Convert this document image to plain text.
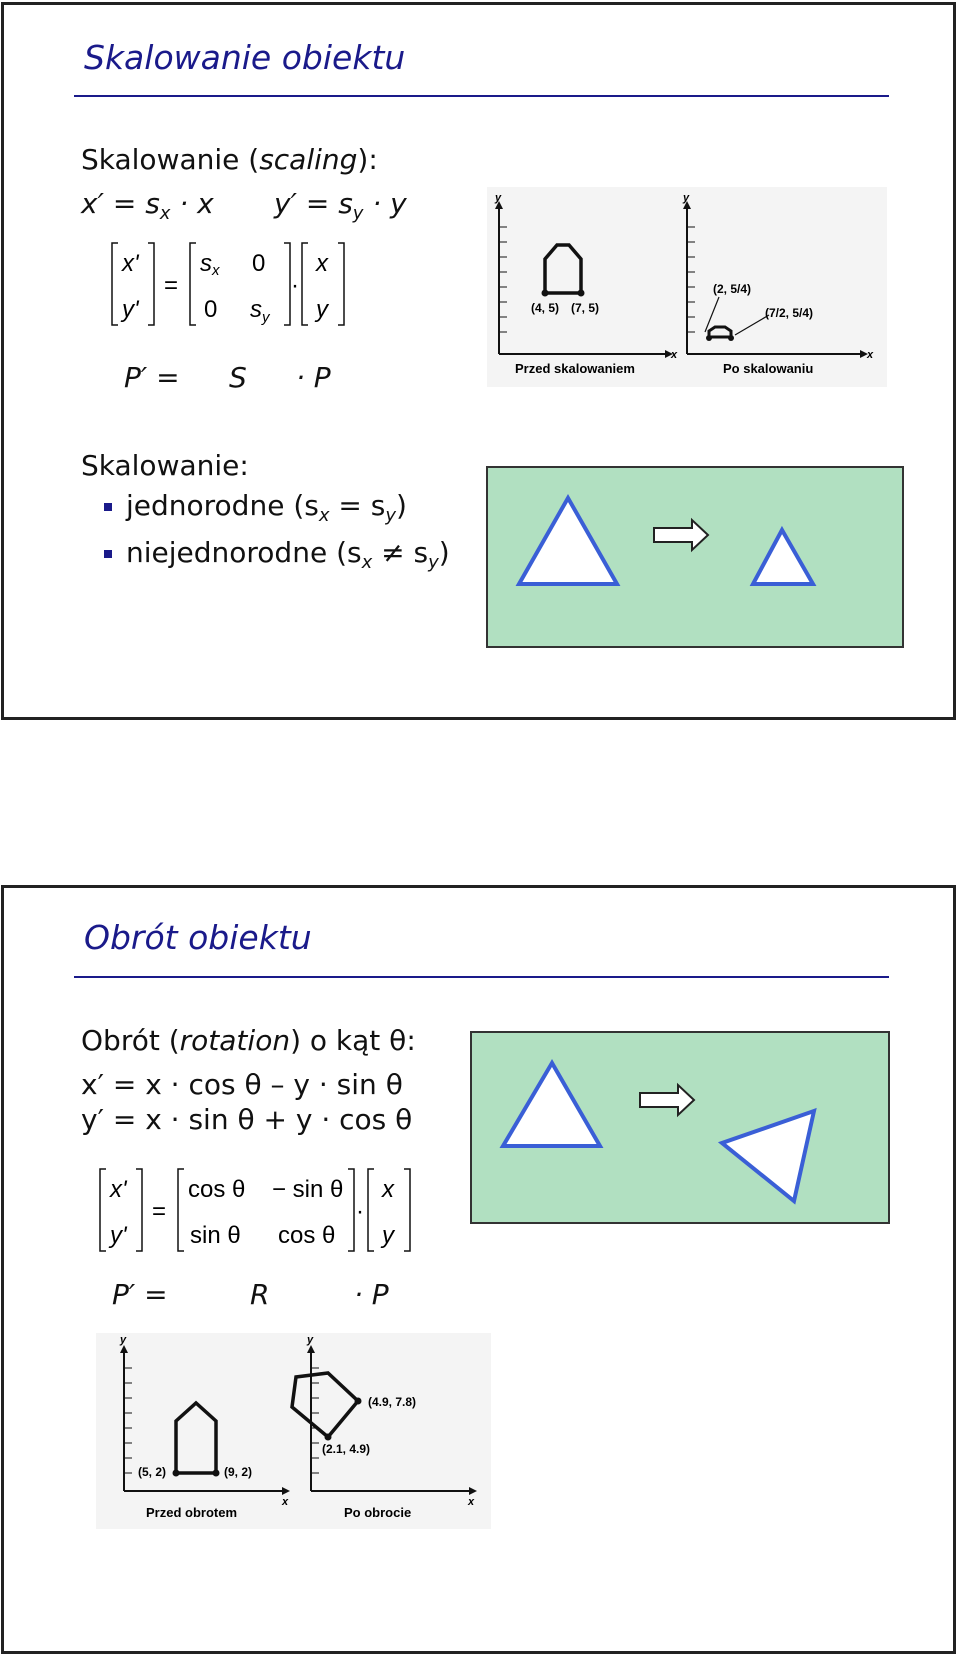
Skalowanie obiektu
Skalowanie (scaling):
$x' = s_x \cdot x$ $y' = s_y \cdot y$
x'
y'
=
s x 0
0 s y
·
x
y
P′ = S · P
Skalowanie:
jednorodne $(s_x = s_y)$
niejednorodne $(s_x \ne s_y)$
y	y
x	x
(4, 5) (7, 5)
Przed skalowaniem
(2, 5/4)
(7/2, 5/4)
Po skalowaniu
Obrót obiektu
Obrót (rotation) o kąt θ:
x′ = x · cos θ – y · sin θ
y′ = x · sin θ + y · cos θ
x'
y'
=
cos θ − sin θ
sin θ cos θ
·
x
y
P′ =	R	· P
y	y
x	x
(5, 2)	(9, 2)
Przed obrotem
(4.9, 7.8)
(2.1, 4.9)
Po obrocie
